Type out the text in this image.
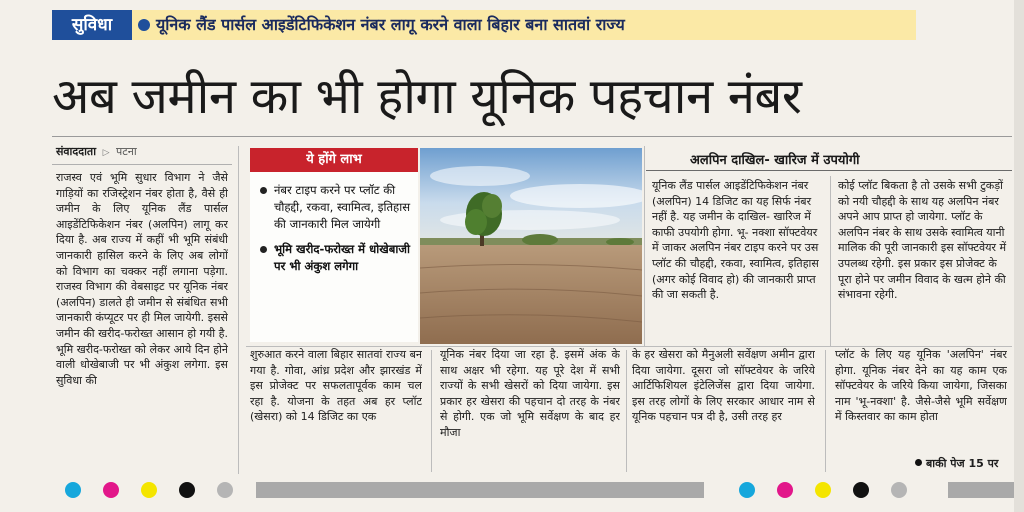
सुविधा	यूनिक लैंड पार्सल आइडेंटिफिकेशन नंबर लागू करने वाला बिहार बना सातवां राज्य
अब जमीन का भी होगा यूनिक पहचान नंबर
संवाददाता ▷ पटना
राजस्व एवं भूमि सुधार विभाग ने जैसे गाड़ियों का रजिस्ट्रेशन नंबर होता है, वैसे ही जमीन के लिए यूनिक लैंड पार्सल आइडेंटिफिकेशन नंबर (अलपिन) लागू कर दिया है. अब राज्य में कहीं भी भूमि संबंधी जानकारी हासिल करने के लिए अब लोगों को विभाग का चक्कर नहीं लगाना पड़ेगा. राजस्व विभाग की वेबसाइट पर यूनिक नंबर (अलपिन) डालते ही जमीन से संबंधित सभी जानकारी कंप्यूटर पर ही मिल जायेगी. इससे जमीन की खरीद-फरोख्त आसान हो गयी है. भूमि खरीद-फरोख्त को लेकर आये दिन होने वाली धोखेबाजी पर भी अंकुश लगेगा. इस सुविधा की
ये होंगे लाभ
नंबर टाइप करने पर प्लॉट की चौहद्दी, रकवा, स्वामित्व, इतिहास की जानकारी मिल जायेगी
भूमि खरीद-फरोख्त में धोखेबाजी पर भी अंकुश लगेगा
अलपिन दाखिल- खारिज में उपयोगी
यूनिक लैंड पार्सल आइडेंटिफिकेशन नंबर (अलपिन) 14 डिजिट का यह सिर्फ नंबर नहीं है. यह जमीन के दाखिल- खारिज में काफी उपयोगी होगा. भू- नक्शा सॉफ्टवेयर में जाकर अलपिन नंबर टाइप करने पर उस प्लॉट की चौहद्दी, रकवा, स्वामित्व, इतिहास (अगर कोई विवाद हो) की जानकारी प्राप्त की जा सकती है.
कोई प्लॉट बिकता है तो उसके सभी टुकड़ों को नयी चौहद्दी के साथ यह अलपिन नंबर अपने आप प्राप्त हो जायेगा. प्लॉट के अलपिन नंबर के साथ उसके स्वामित्व यानी मालिक की पूरी जानकारी इस सॉफ्टवेयर में उपलब्ध रहेगी. इस प्रकार इस प्रोजेक्ट के पूरा होने पर जमीन विवाद के खत्म होने की संभावना रहेगी.
शुरुआत करने वाला बिहार सातवां राज्य बन गया है. गोवा, आंध्र प्रदेश और झारखंड में इस प्रोजेक्ट पर सफलतापूर्वक काम चल रहा है. योजना के तहत अब हर प्लॉट (खेसरा) को 14 डिजिट का एक
यूनिक नंबर दिया जा रहा है. इसमें अंक के साथ अक्षर भी रहेगा. यह पूरे देश में सभी राज्यों के सभी खेसरों को दिया जायेगा. इस प्रकार हर खेसरा की पहचान दो तरह के नंबर से होगी. एक जो भूमि सर्वेक्षण के बाद हर मौजा
के हर खेसरा को मैनुअली सर्वेक्षण अमीन द्वारा दिया जायेगा. दूसरा जो सॉफ्टवेयर के जरिये आर्टिफिशियल इंटेलिजेंस द्वारा दिया जायेगा. इस तरह लोगों के लिए सरकार आधार नाम से यूनिक पहचान पत्र दी है, उसी तरह हर
प्लॉट के लिए यह यूनिक 'अलपिन' नंबर होगा. यूनिक नंबर देने का यह काम एक सॉफ्टवेयर के जरिये किया जायेगा, जिसका नाम 'भू-नक्शा' है. जैसे-जैसे भूमि सर्वेक्षण में किस्तवार का काम होता
बाकी पेज 15 पर
